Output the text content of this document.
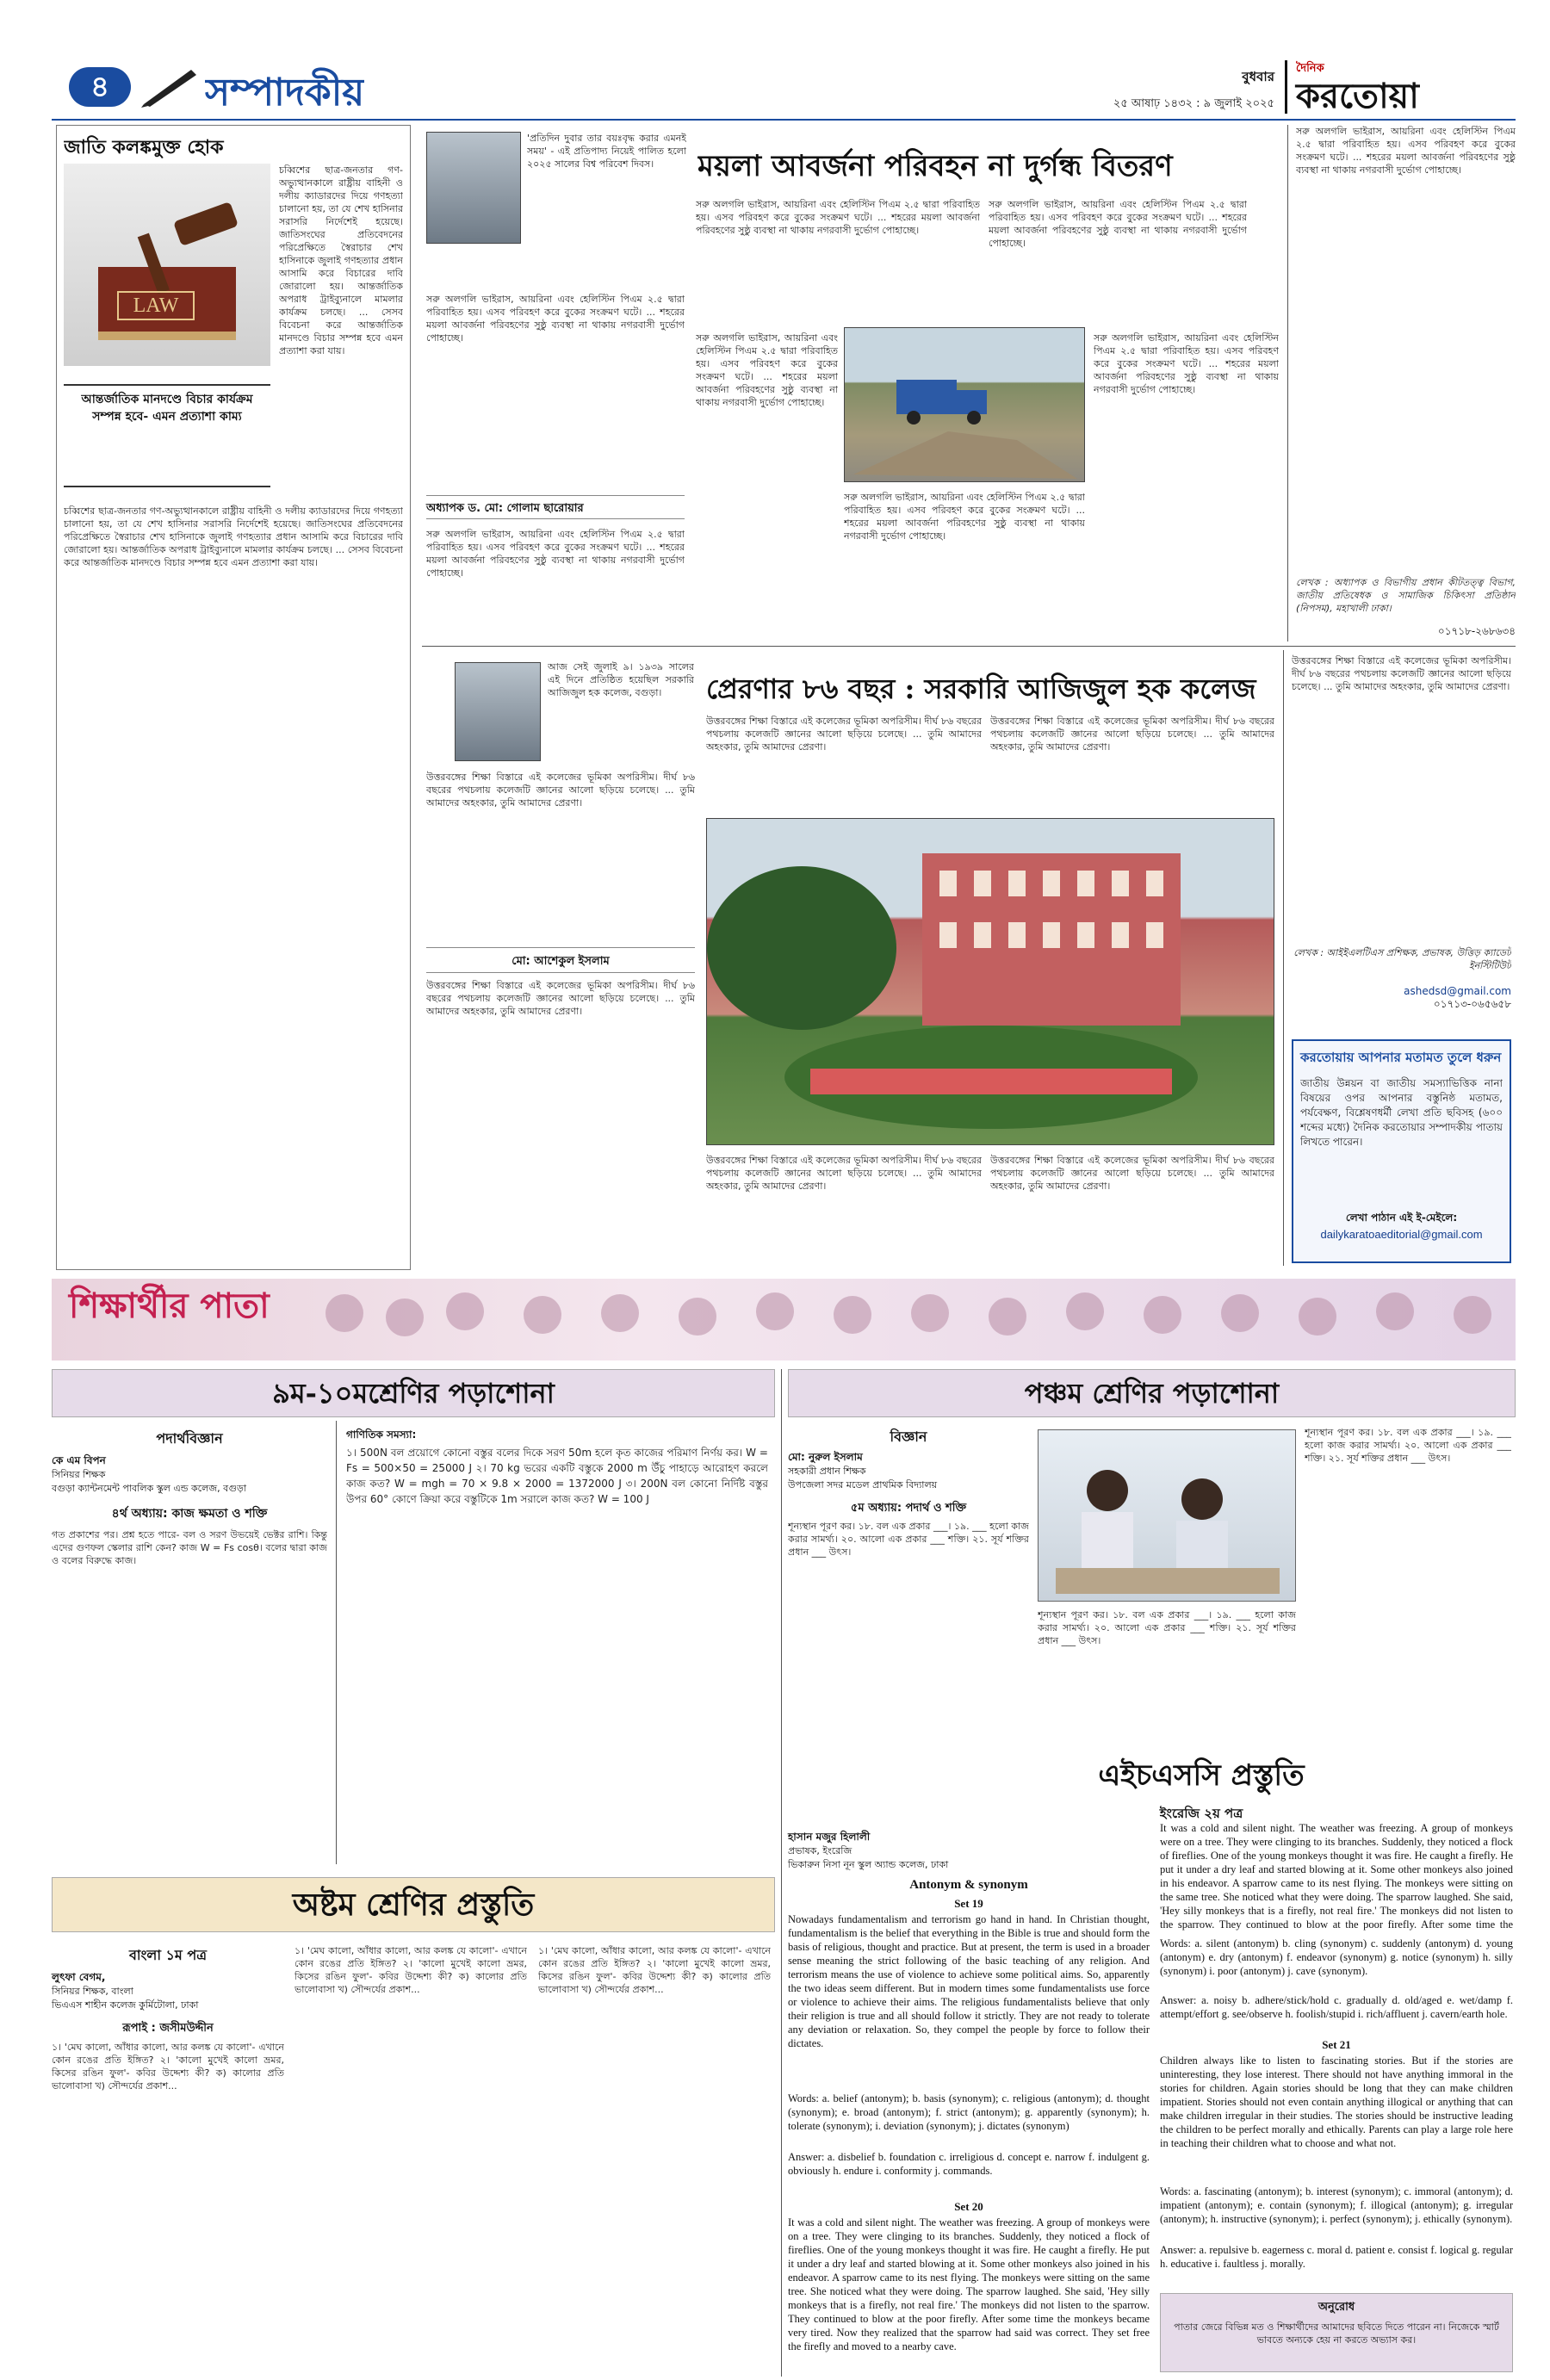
৪	সম্পাদকীয়	বুধবার
২৫ আষাঢ় ১৪৩২ : ৯ জুলাই ২০২৫
দৈনিক
করতোয়া
জাতি কলঙ্কমুক্ত হোক
LAW
আন্তর্জাতিক মানদণ্ডে বিচার কার্যক্রম সম্পন্ন হবে- এমন প্রত্যাশা কাম্য
চব্বিশের ছাত্র-জনতার গণ-অভ্যুত্থানকালে রাষ্ট্রীয় বাহিনী ও দলীয় ক্যাডারদের দিয়ে গণহত্যা চালানো হয়, তা যে শেখ হাসিনার সরাসরি নির্দেশেই হয়েছে। জাতিসংঘের প্রতিবেদনের পরিপ্রেক্ষিতে স্বৈরাচার শেখ হাসিনাকে জুলাই গণহত্যার প্রধান আসামি করে বিচারের দাবি জোরালো হয়। আন্তর্জাতিক অপরাধ ট্রাইব্যুনালে মামলার কার্যক্রম চলছে। ... সেসব বিবেচনা করে আন্তর্জাতিক মানদণ্ডে বিচার সম্পন্ন হবে এমন প্রত্যাশা করা যায়।
চব্বিশের ছাত্র-জনতার গণ-অভ্যুত্থানকালে রাষ্ট্রীয় বাহিনী ও দলীয় ক্যাডারদের দিয়ে গণহত্যা চালানো হয়, তা যে শেখ হাসিনার সরাসরি নির্দেশেই হয়েছে। জাতিসংঘের প্রতিবেদনের পরিপ্রেক্ষিতে স্বৈরাচার শেখ হাসিনাকে জুলাই গণহত্যার প্রধান আসামি করে বিচারের দাবি জোরালো হয়। আন্তর্জাতিক অপরাধ ট্রাইব্যুনালে মামলার কার্যক্রম চলছে। ... সেসব বিবেচনা করে আন্তর্জাতিক মানদণ্ডে বিচার সম্পন্ন হবে এমন প্রত্যাশা করা যায়।
'প্রতিদিন দুবার তার বয়ঃবৃদ্ধ করার এমনই সময়' - এই প্রতিপাদ্য নিয়েই পালিত হলো ২০২৫ সালের বিশ্ব পরিবেশ দিবস।	ময়লা আবর্জনা পরিবহন না দুর্গন্ধ বিতরণ
সরু অলগলি ভাইরাস, আয়রিনা এবং হেলিস্টিন পিএম ২.৫ দ্বারা পরিবাহিত হয়। এসব পরিবহণ করে বুকের সংক্রমণ ঘটে। ... শহরের ময়লা আবর্জনা পরিবহণের সুষ্ঠু ব্যবস্থা না থাকায় নগরবাসী দুর্ভোগ পোহাচ্ছে।
অধ্যাপক ড. মো: গোলাম ছারোয়ার
সরু অলগলি ভাইরাস, আয়রিনা এবং হেলিস্টিন পিএম ২.৫ দ্বারা পরিবাহিত হয়। এসব পরিবহণ করে বুকের সংক্রমণ ঘটে। ... শহরের ময়লা আবর্জনা পরিবহণের সুষ্ঠু ব্যবস্থা না থাকায় নগরবাসী দুর্ভোগ পোহাচ্ছে।
সরু অলগলি ভাইরাস, আয়রিনা এবং হেলিস্টিন পিএম ২.৫ দ্বারা পরিবাহিত হয়। এসব পরিবহণ করে বুকের সংক্রমণ ঘটে। ... শহরের ময়লা আবর্জনা পরিবহণের সুষ্ঠু ব্যবস্থা না থাকায় নগরবাসী দুর্ভোগ পোহাচ্ছে।
সরু অলগলি ভাইরাস, আয়রিনা এবং হেলিস্টিন পিএম ২.৫ দ্বারা পরিবাহিত হয়। এসব পরিবহণ করে বুকের সংক্রমণ ঘটে। ... শহরের ময়লা আবর্জনা পরিবহণের সুষ্ঠু ব্যবস্থা না থাকায় নগরবাসী দুর্ভোগ পোহাচ্ছে।
সরু অলগলি ভাইরাস, আয়রিনা এবং হেলিস্টিন পিএম ২.৫ দ্বারা পরিবাহিত হয়। এসব পরিবহণ করে বুকের সংক্রমণ ঘটে। ... শহরের ময়লা আবর্জনা পরিবহণের সুষ্ঠু ব্যবস্থা না থাকায় নগরবাসী দুর্ভোগ পোহাচ্ছে।
সরু অলগলি ভাইরাস, আয়রিনা এবং হেলিস্টিন পিএম ২.৫ দ্বারা পরিবাহিত হয়। এসব পরিবহণ করে বুকের সংক্রমণ ঘটে। ... শহরের ময়লা আবর্জনা পরিবহণের সুষ্ঠু ব্যবস্থা না থাকায় নগরবাসী দুর্ভোগ পোহাচ্ছে।
সরু অলগলি ভাইরাস, আয়রিনা এবং হেলিস্টিন পিএম ২.৫ দ্বারা পরিবাহিত হয়। এসব পরিবহণ করে বুকের সংক্রমণ ঘটে। ... শহরের ময়লা আবর্জনা পরিবহণের সুষ্ঠু ব্যবস্থা না থাকায় নগরবাসী দুর্ভোগ পোহাচ্ছে।
সরু অলগলি ভাইরাস, আয়রিনা এবং হেলিস্টিন পিএম ২.৫ দ্বারা পরিবাহিত হয়। এসব পরিবহণ করে বুকের সংক্রমণ ঘটে। ... শহরের ময়লা আবর্জনা পরিবহণের সুষ্ঠু ব্যবস্থা না থাকায় নগরবাসী দুর্ভোগ পোহাচ্ছে।
লেখক : অধ্যাপক ও বিভাগীয় প্রধান কীটতত্ত্ব বিভাগ, জাতীয় প্রতিষেধক ও সামাজিক চিকিৎসা প্রতিষ্ঠান (নিপসম), মহাখালী ঢাকা।
০১৭১৮-২৬৮৬৩৪
আজ সেই জুলাই ৯। ১৯৩৯ সালের এই দিনে প্রতিষ্ঠিত হয়েছিল সরকারি আজিজুল হক কলেজ, বগুড়া।	প্রেরণার ৮৬ বছর : সরকারি আজিজুল হক কলেজ
উত্তরবঙ্গের শিক্ষা বিস্তারে এই কলেজের ভূমিকা অপরিসীম। দীর্ঘ ৮৬ বছরের পথচলায় কলেজটি জ্ঞানের আলো ছড়িয়ে চলেছে। ... তুমি আমাদের অহংকার, তুমি আমাদের প্রেরণা।
মো: আশেকুল ইসলাম
উত্তরবঙ্গের শিক্ষা বিস্তারে এই কলেজের ভূমিকা অপরিসীম। দীর্ঘ ৮৬ বছরের পথচলায় কলেজটি জ্ঞানের আলো ছড়িয়ে চলেছে। ... তুমি আমাদের অহংকার, তুমি আমাদের প্রেরণা।
উত্তরবঙ্গের শিক্ষা বিস্তারে এই কলেজের ভূমিকা অপরিসীম। দীর্ঘ ৮৬ বছরের পথচলায় কলেজটি জ্ঞানের আলো ছড়িয়ে চলেছে। ... তুমি আমাদের অহংকার, তুমি আমাদের প্রেরণা।
উত্তরবঙ্গের শিক্ষা বিস্তারে এই কলেজের ভূমিকা অপরিসীম। দীর্ঘ ৮৬ বছরের পথচলায় কলেজটি জ্ঞানের আলো ছড়িয়ে চলেছে। ... তুমি আমাদের অহংকার, তুমি আমাদের প্রেরণা।
উত্তরবঙ্গের শিক্ষা বিস্তারে এই কলেজের ভূমিকা অপরিসীম। দীর্ঘ ৮৬ বছরের পথচলায় কলেজটি জ্ঞানের আলো ছড়িয়ে চলেছে। ... তুমি আমাদের অহংকার, তুমি আমাদের প্রেরণা।
উত্তরবঙ্গের শিক্ষা বিস্তারে এই কলেজের ভূমিকা অপরিসীম। দীর্ঘ ৮৬ বছরের পথচলায় কলেজটি জ্ঞানের আলো ছড়িয়ে চলেছে। ... তুমি আমাদের অহংকার, তুমি আমাদের প্রেরণা।
উত্তরবঙ্গের শিক্ষা বিস্তারে এই কলেজের ভূমিকা অপরিসীম। দীর্ঘ ৮৬ বছরের পথচলায় কলেজটি জ্ঞানের আলো ছড়িয়ে চলেছে। ... তুমি আমাদের অহংকার, তুমি আমাদের প্রেরণা।
লেখক : আইইএলটিএস প্রশিক্ষক, প্রভাষক, উত্তিড় ক্যাডেট ইনস্টিটিউট
ashedsd@gmail.com
০১৭১৩-০৬৫৬৫৮
করতোয়ায় আপনার মতামত তুলে ধরুন
জাতীয় উন্নয়ন বা জাতীয় সমস্যাভিত্তিক নানা বিষয়ের ওপর আপনার বস্তুনিষ্ঠ মতামত, পর্যবেক্ষণ, বিশ্লেষণধর্মী লেখা প্রতি ছবিসহ (৬০০ শব্দের মধ্যে) দৈনিক করতোয়ার সম্পাদকীয় পাতায় লিখতে পারেন।
লেখা পাঠান এই ই-মেইলে:
dailykaratoaeditorial@gmail.com
শিক্ষার্থীর পাতা
৯ম-১০মশ্রেণির পড়াশোনা
পদার্থবিজ্ঞান
কে এম বিপন
সিনিয়র শিক্ষক
বগুড়া ক্যান্টনমেন্ট পাবলিক স্কুল এন্ড কলেজ, বগুড়া
৪র্থ অধ্যায়: কাজ ক্ষমতা ও শক্তি
গত প্রকাশের পর। প্রশ্ন হতে পারে- বল ও সরণ উভয়েই ভেক্টর রাশি। কিন্তু এদের গুণফল স্কেলার রাশি কেন? কাজ W = Fs cosθ। বলের দ্বারা কাজ ও বলের বিরুদ্ধে কাজ।
গাণিতিক সমস্যা:
১। 500N বল প্রয়োগে কোনো বস্তুর বলের দিকে সরণ 50m হলে কৃত কাজের পরিমাণ নির্ণয় কর। W = Fs = 500×50 = 25000 J ২। 70 kg ভরের একটি বস্তুকে 2000 m উঁচু পাহাড়ে আরোহণ করলে কাজ কত? W = mgh = 70 × 9.8 × 2000 = 1372000 J ৩। 200N বল কোনো নির্দিষ্ট বস্তুর উপর 60° কোণে ক্রিয়া করে বস্তুটিকে 1m সরালে কাজ কত? W = 100 J
পঞ্চম শ্রেণির পড়াশোনা
বিজ্ঞান
মো: নুরুল ইসলাম
সহকারী প্রধান শিক্ষক
উপজেলা সদর মডেল প্রাথমিক বিদ্যালয়
৫ম অধ্যায়: পদার্থ ও শক্তি
শূন্যস্থান পূরণ কর। ১৮. বল এক প্রকার ___। ১৯. ___ হলো কাজ করার সামর্থ্য। ২০. আলো এক প্রকার ___ শক্তি। ২১. সূর্য শক্তির প্রধান ___ উৎস।
শূন্যস্থান পূরণ কর। ১৮. বল এক প্রকার ___। ১৯. ___ হলো কাজ করার সামর্থ্য। ২০. আলো এক প্রকার ___ শক্তি। ২১. সূর্য শক্তির প্রধান ___ উৎস।
শূন্যস্থান পূরণ কর। ১৮. বল এক প্রকার ___। ১৯. ___ হলো কাজ করার সামর্থ্য। ২০. আলো এক প্রকার ___ শক্তি। ২১. সূর্য শক্তির প্রধান ___ উৎস।
অষ্টম শ্রেণির প্রস্তুতি
বাংলা ১ম পত্র
লুৎফা বেগম,
সিনিয়র শিক্ষক, বাংলা
ভিএএস শাহীন কলেজ কুর্মিটোলা, ঢাকা
রূপাই : জসীমউদ্দীন
১। 'মেঘ কালো, আঁধার কালো, আর কলঙ্ক যে কালো'- এখানে কোন রঙের প্রতি ইঙ্গিত? ২। 'কালো মুখেই কালো ভ্রমর, কিসের রঙিন ফুল'- কবির উদ্দেশ্য কী? ক) কালোর প্রতি ভালোবাসা খ) সৌন্দর্যের প্রকাশ...
১। 'মেঘ কালো, আঁধার কালো, আর কলঙ্ক যে কালো'- এখানে কোন রঙের প্রতি ইঙ্গিত? ২। 'কালো মুখেই কালো ভ্রমর, কিসের রঙিন ফুল'- কবির উদ্দেশ্য কী? ক) কালোর প্রতি ভালোবাসা খ) সৌন্দর্যের প্রকাশ...
১। 'মেঘ কালো, আঁধার কালো, আর কলঙ্ক যে কালো'- এখানে কোন রঙের প্রতি ইঙ্গিত? ২। 'কালো মুখেই কালো ভ্রমর, কিসের রঙিন ফুল'- কবির উদ্দেশ্য কী? ক) কালোর প্রতি ভালোবাসা খ) সৌন্দর্যের প্রকাশ...
এইচএসসি প্রস্তুতি
ইংরেজি ২য় পত্র
হাসান মজুর হিলালী
প্রভাষক, ইংরেজি
ভিকারুন নিসা নূন স্কুল অ্যান্ড কলেজ, ঢাকা
Antonym & synonym
Set 19
Nowadays fundamentalism and terrorism go hand in hand. In Christian thought, fundamentalism is the belief that everything in the Bible is true and should form the basis of religious, thought and practice. But at present, the term is used in a broader sense meaning the strict following of the basic teaching of any religion. And terrorism means the use of violence to achieve some political aims. So, apparently the two ideas seem different. But in modern times some fundamentalists use force or violence to achieve their aims. The religious fundamentalists believe that only their religion is true and all should follow it strictly. They are not ready to tolerate any deviation or relaxation. So, they compel the people by force to follow their dictates.
Words: a. belief (antonym); b. basis (synonym); c. religious (antonym); d. thought (synonym); e. broad (antonym); f. strict (antonym); g. apparently (synonym); h. tolerate (synonym); i. deviation (synonym); j. dictates (synonym)
Answer: a. disbelief b. foundation c. irreligious d. concept e. narrow f. indulgent g. obviously h. endure i. conformity j. commands.
Set 20
It was a cold and silent night. The weather was freezing. A group of monkeys were on a tree. They were clinging to its branches. Suddenly, they noticed a flock of fireflies. One of the young monkeys thought it was fire. He caught a firefly. He put it under a dry leaf and started blowing at it. Some other monkeys also joined in his endeavor. A sparrow came to its nest flying. The monkeys were sitting on the same tree. She noticed what they were doing. The sparrow laughed. She said, 'Hey silly monkeys that is a firefly, not real fire.' The monkeys did not listen to the sparrow. They continued to blow at the poor firefly. After some time the monkeys became very tired. Now they realized that the sparrow had said was correct. They set free the firefly and moved to a nearby cave.
It was a cold and silent night. The weather was freezing. A group of monkeys were on a tree. They were clinging to its branches. Suddenly, they noticed a flock of fireflies. One of the young monkeys thought it was fire. He caught a firefly. He put it under a dry leaf and started blowing at it. Some other monkeys also joined in his endeavor. A sparrow came to its nest flying. The monkeys were sitting on the same tree. She noticed what they were doing. The sparrow laughed. She said, 'Hey silly monkeys that is a firefly, not real fire.' The monkeys did not listen to the sparrow. They continued to blow at the poor firefly. After some time the
Words: a. silent (antonym) b. cling (synonym) c. suddenly (antonym) d. young (antonym) e. dry (antonym) f. endeavor (synonym) g. notice (synonym) h. silly (synonym) i. poor (antonym) j. cave (synonym).
Answer: a. noisy b. adhere/stick/hold c. gradually d. old/aged e. wet/damp f. attempt/effort g. see/observe h. foolish/stupid i. rich/affluent j. cavern/earth hole.
Set 21
Children always like to listen to fascinating stories. But if the stories are uninteresting, they lose interest. There should not have anything immoral in the stories for children. Again stories should be long that they can make children impatient. Stories should not even contain anything illogical or anything that can make children irregular in their studies. The stories should be instructive leading the children to be perfect morally and ethically. Parents can play a large role here in teaching their children what to choose and what not.
Words: a. fascinating (antonym); b. interest (synonym); c. immoral (antonym); d. impatient (antonym); e. contain (synonym); f. illogical (antonym); g. irregular (antonym); h. instructive (synonym); i. perfect (synonym); j. ethically (synonym).
Answer: a. repulsive b. eagerness c. moral d. patient e. consist f. logical g. regular h. educative i. faultless j. morally.
অনুরোধ
পাতার জেরে বিভিন্ন মত ও শিক্ষার্থীদের আমাদের ছবিতে দিতে পারেন না। নিজেকে স্মার্ট ভাবতে অন্যকে হেয় না করতে অভ্যাস কর।
